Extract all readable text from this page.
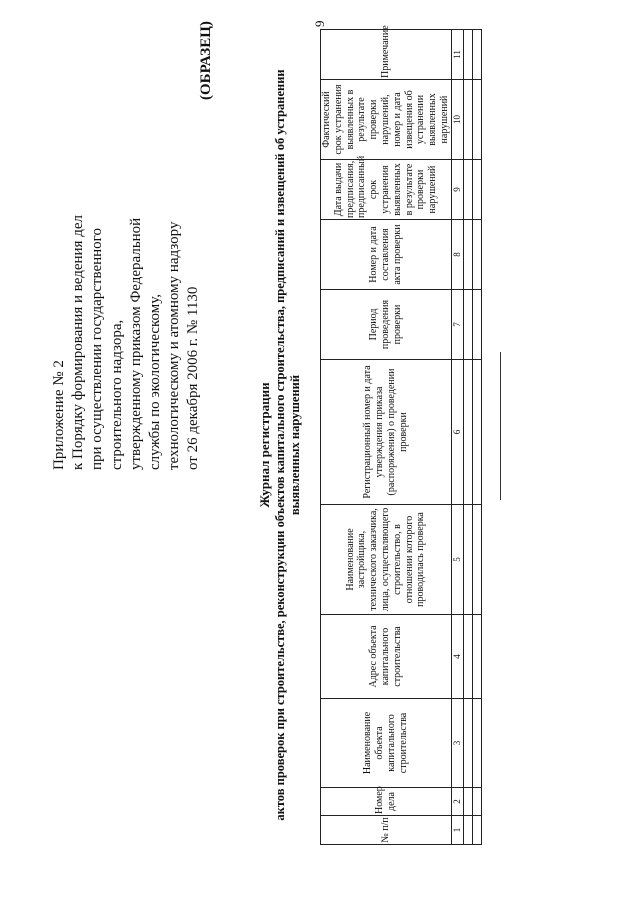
9
Приложение № 2 к Порядку формирования и ведения дел при осуществлении государственного строительного надзора, утвержденному приказом Федеральной службы по экологическому, технологическому и атомному надзору от 26 декабря 2006 г. № 1130
(ОБРАЗЕЦ)
Журнал регистрации актов проверок при строительстве, реконструкции объектов капитального строительства, предписаний и извещений об устранении выявленных нарушений
№ п/п	Номер дела	Наименование объекта капитального строительства	Адрес объекта капитального строительства	Наименование застройщика, технического заказчика, лица, осуществляющего строительство, в отношении которого проводилась проверка	Регистрационный номер и дата утверждения приказа (распоряжения) о проведении проверки	Период проведения проверки	Номер и дата составления акта проверки	Дата выдачи предписания, предписанный срок устранения выявленных в результате проверки нарушений	Фактический срок устранения выявленных в результате проверки нарушений, номер и дата извещения об устранении выявленных нарушений	Примечание
1	2	3	4	5	6	7	8	9	10	11
